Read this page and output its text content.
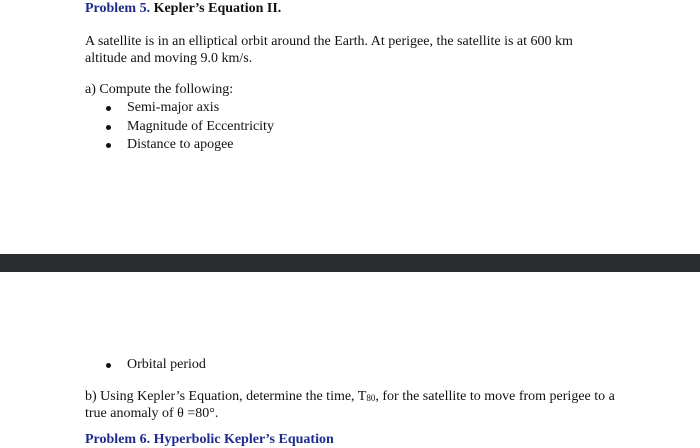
Problem 5. Kepler’s Equation II.
A satellite is in an elliptical orbit around the Earth. At perigee, the satellite is at 600 km altitude and moving 9.0 km/s.
a) Compute the following:
Semi-major axis
Magnitude of Eccentricity
Distance to apogee
Orbital period
b) Using Kepler’s Equation, determine the time, $T_{80}$, for the satellite to move from perigee to a true anomaly of θ =80°.
Problem 6. Hyperbolic Kepler’s Equation
